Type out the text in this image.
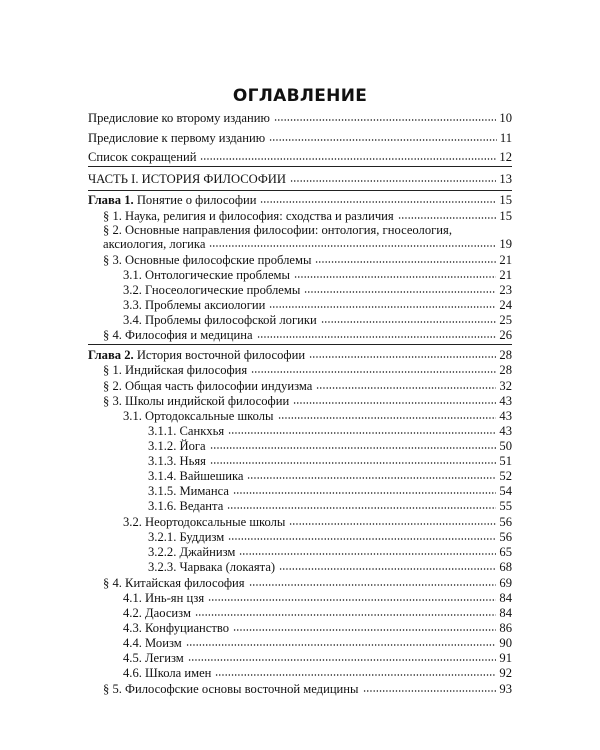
ОГЛАВЛЕНИЕ
Предисловие ко второму изданию	10
Предисловие к первому изданию	11
Список сокращений	12
ЧАСТЬ I. ИСТОРИЯ ФИЛОСОФИИ	13
Глава 1. Понятие о философии	15
§ 1. Наука, религия и философия: сходства и различия	15
§ 2. Основные направления философии: онтология, гносеология,
аксиология, логика	19
§ 3. Основные философские проблемы	21
3.1. Онтологические проблемы	21
3.2. Гносеологические проблемы	23
3.3. Проблемы аксиологии	24
3.4. Проблемы философской логики	25
§ 4. Философия и медицина	26
Глава 2. История восточной философии	28
§ 1. Индийская философия	28
§ 2. Общая часть философии индуизма	32
§ 3. Школы индийской философии	43
3.1. Ортодоксальные школы	43
3.1.1. Санкхья	43
3.1.2. Йога	50
3.1.3. Ньяя	51
3.1.4. Вайшешика	52
3.1.5. Миманса	54
3.1.6. Веданта	55
3.2. Неортодоксальные школы	56
3.2.1. Буддизм	56
3.2.2. Джайнизм	65
3.2.3. Чарвака (локаята)	68
§ 4. Китайская философия	69
4.1. Инь-ян цзя	84
4.2. Даосизм	84
4.3. Конфуцианство	86
4.4. Моизм	90
4.5. Легизм	91
4.6. Школа имен	92
§ 5. Философские основы восточной медицины	93
